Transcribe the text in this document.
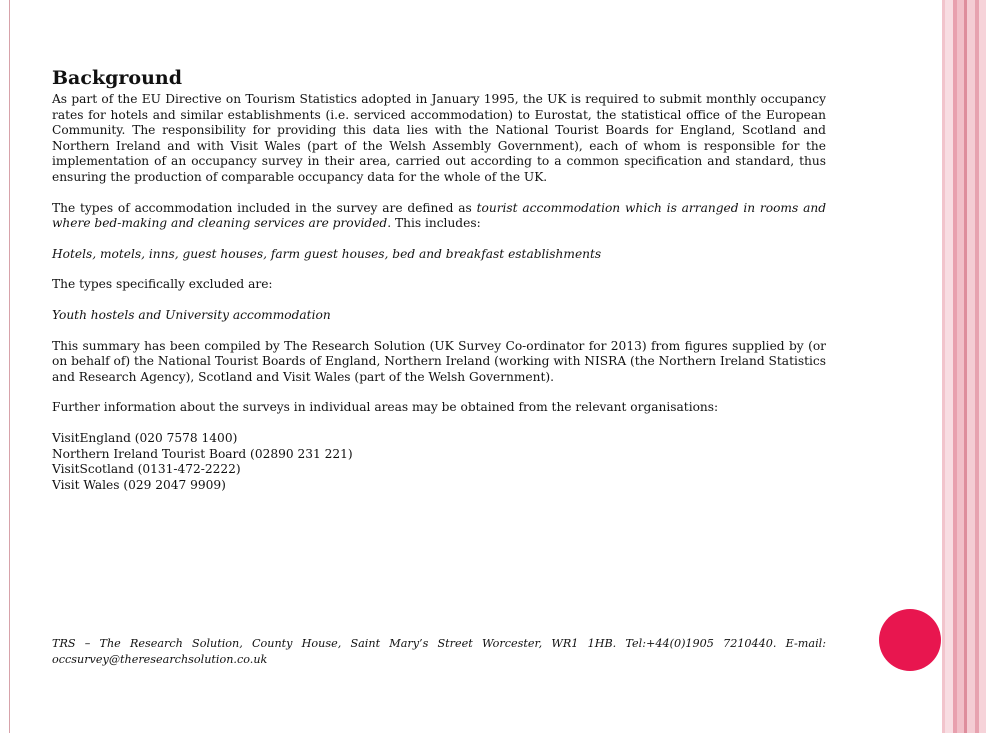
Background

As part of the EU Directive on Tourism Statistics adopted in January 1995, the UK is required to submit monthly occupancy rates for hotels and similar establishments (i.e. serviced accommodation) to Eurostat, the statistical office of the European Community. The responsibility for providing this data lies with the National Tourist Boards for England, Scotland and Northern Ireland and with Visit Wales (part of the Welsh Assembly Government), each of whom is responsible for the implementation of an occupancy survey in their area, carried out according to a common specification and standard, thus ensuring the production of comparable occupancy data for the whole of the UK.

The types of accommodation included in the survey are defined as tourist accommodation which is arranged in rooms and where bed-making and cleaning services are provided. This includes:

Hotels, motels, inns, guest houses, farm guest houses, bed and breakfast establishments

The types specifically excluded are:

Youth hostels and University accommodation

This summary has been compiled by The Research Solution (UK Survey Co-ordinator for 2013) from figures supplied by (or on behalf of) the National Tourist Boards of England, Northern Ireland (working with NISRA (the Northern Ireland Statistics and Research Agency), Scotland and Visit Wales (part of the Welsh Government).

Further information about the surveys in individual areas may be obtained from the relevant organisations:

VisitEngland (020 7578 1400)

Northern Ireland Tourist Board (02890 231 221)

VisitScotland (0131-472-2222)

Visit Wales (029 2047 9909)

TRS – The Research Solution, County House, Saint Mary’s Street Worcester, WR1 1HB. Tel:+44(0)1905 7210440. E-mail: occsurvey@theresearchsolution.co.uk
